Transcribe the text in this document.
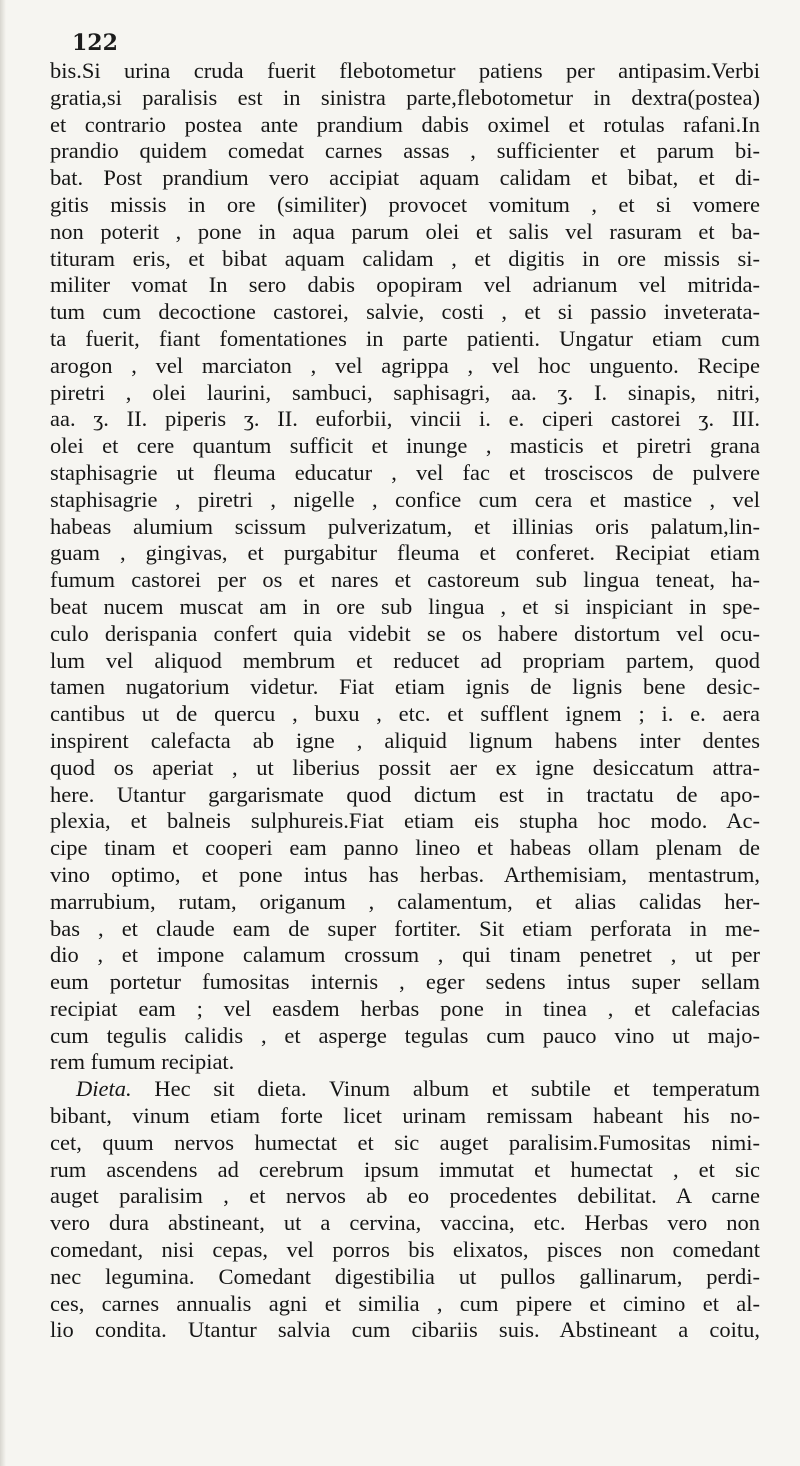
122
bis.Si urina cruda fuerit flebotometur patiens per antipasim.Verbi
gratia,si paralisis est in sinistra parte,flebotometur in dextra(postea)
et contrario postea ante prandium dabis oximel et rotulas rafani.In
prandio quidem comedat carnes assas , sufficienter et parum bi-
bat. Post prandium vero accipiat aquam calidam et bibat, et di-
gitis missis in ore (similiter) provocet vomitum , et si vomere
non poterit , pone in aqua parum olei et salis vel rasuram et ba-
tituram eris, et bibat aquam calidam , et digitis in ore missis si-
militer vomat In sero dabis opopiram vel adrianum vel mitrida-
tum cum decoctione castorei, salvie, costi , et si passio inveterata-
ta fuerit, fiant fomentationes in parte patienti. Ungatur etiam cum
arogon , vel marciaton , vel agrippa , vel hoc unguento. Recipe
piretri , olei laurini, sambuci, saphisagri, aa. ʒ. I. sinapis, nitri,
aa. ʒ. II. piperis ʒ. II. euforbii, vincii i. e. ciperi castorei ʒ. III.
olei et cere quantum sufficit et inunge , masticis et piretri grana
staphisagrie ut fleuma educatur , vel fac et trosciscos de pulvere
staphisagrie , piretri , nigelle , confice cum cera et mastice , vel
habeas alumium scissum pulverizatum, et illinias oris palatum,lin-
guam , gingivas, et purgabitur fleuma et conferet. Recipiat etiam
fumum castorei per os et nares et castoreum sub lingua teneat, ha-
beat nucem muscat am in ore sub lingua , et si inspiciant in spe-
culo derispania confert quia videbit se os habere distortum vel ocu-
lum vel aliquod membrum et reducet ad propriam partem, quod
tamen nugatorium videtur. Fiat etiam ignis de lignis bene desic-
cantibus ut de quercu , buxu , etc. et sufflent ignem ; i. e. aera
inspirent calefacta ab igne , aliquid lignum habens inter dentes
quod os aperiat , ut liberius possit aer ex igne desiccatum attra-
here. Utantur gargarismate quod dictum est in tractatu de apo-
plexia, et balneis sulphureis.Fiat etiam eis stupha hoc modo. Ac-
cipe tinam et cooperi eam panno lineo et habeas ollam plenam de
vino optimo, et pone intus has herbas. Arthemisiam, mentastrum,
marrubium, rutam, origanum , calamentum, et alias calidas her-
bas , et claude eam de super fortiter. Sit etiam perforata in me-
dio , et impone calamum crossum , qui tinam penetret , ut per
eum portetur fumositas internis , eger sedens intus super sellam
recipiat eam ; vel easdem herbas pone in tinea , et calefacias
cum tegulis calidis , et asperge tegulas cum pauco vino ut majo-
rem fumum recipiat.
Dieta. Hec sit dieta. Vinum album et subtile et temperatum
bibant, vinum etiam forte licet urinam remissam habeant his no-
cet, quum nervos humectat et sic auget paralisim.Fumositas nimi-
rum ascendens ad cerebrum ipsum immutat et humectat , et sic
auget paralisim , et nervos ab eo procedentes debilitat. A carne
vero dura abstineant, ut a cervina, vaccina, etc. Herbas vero non
comedant, nisi cepas, vel porros bis elixatos, pisces non comedant
nec legumina. Comedant digestibilia ut pullos gallinarum, perdi-
ces, carnes annualis agni et similia , cum pipere et cimino et al-
lio condita. Utantur salvia cum cibariis suis. Abstineant a coitu,
